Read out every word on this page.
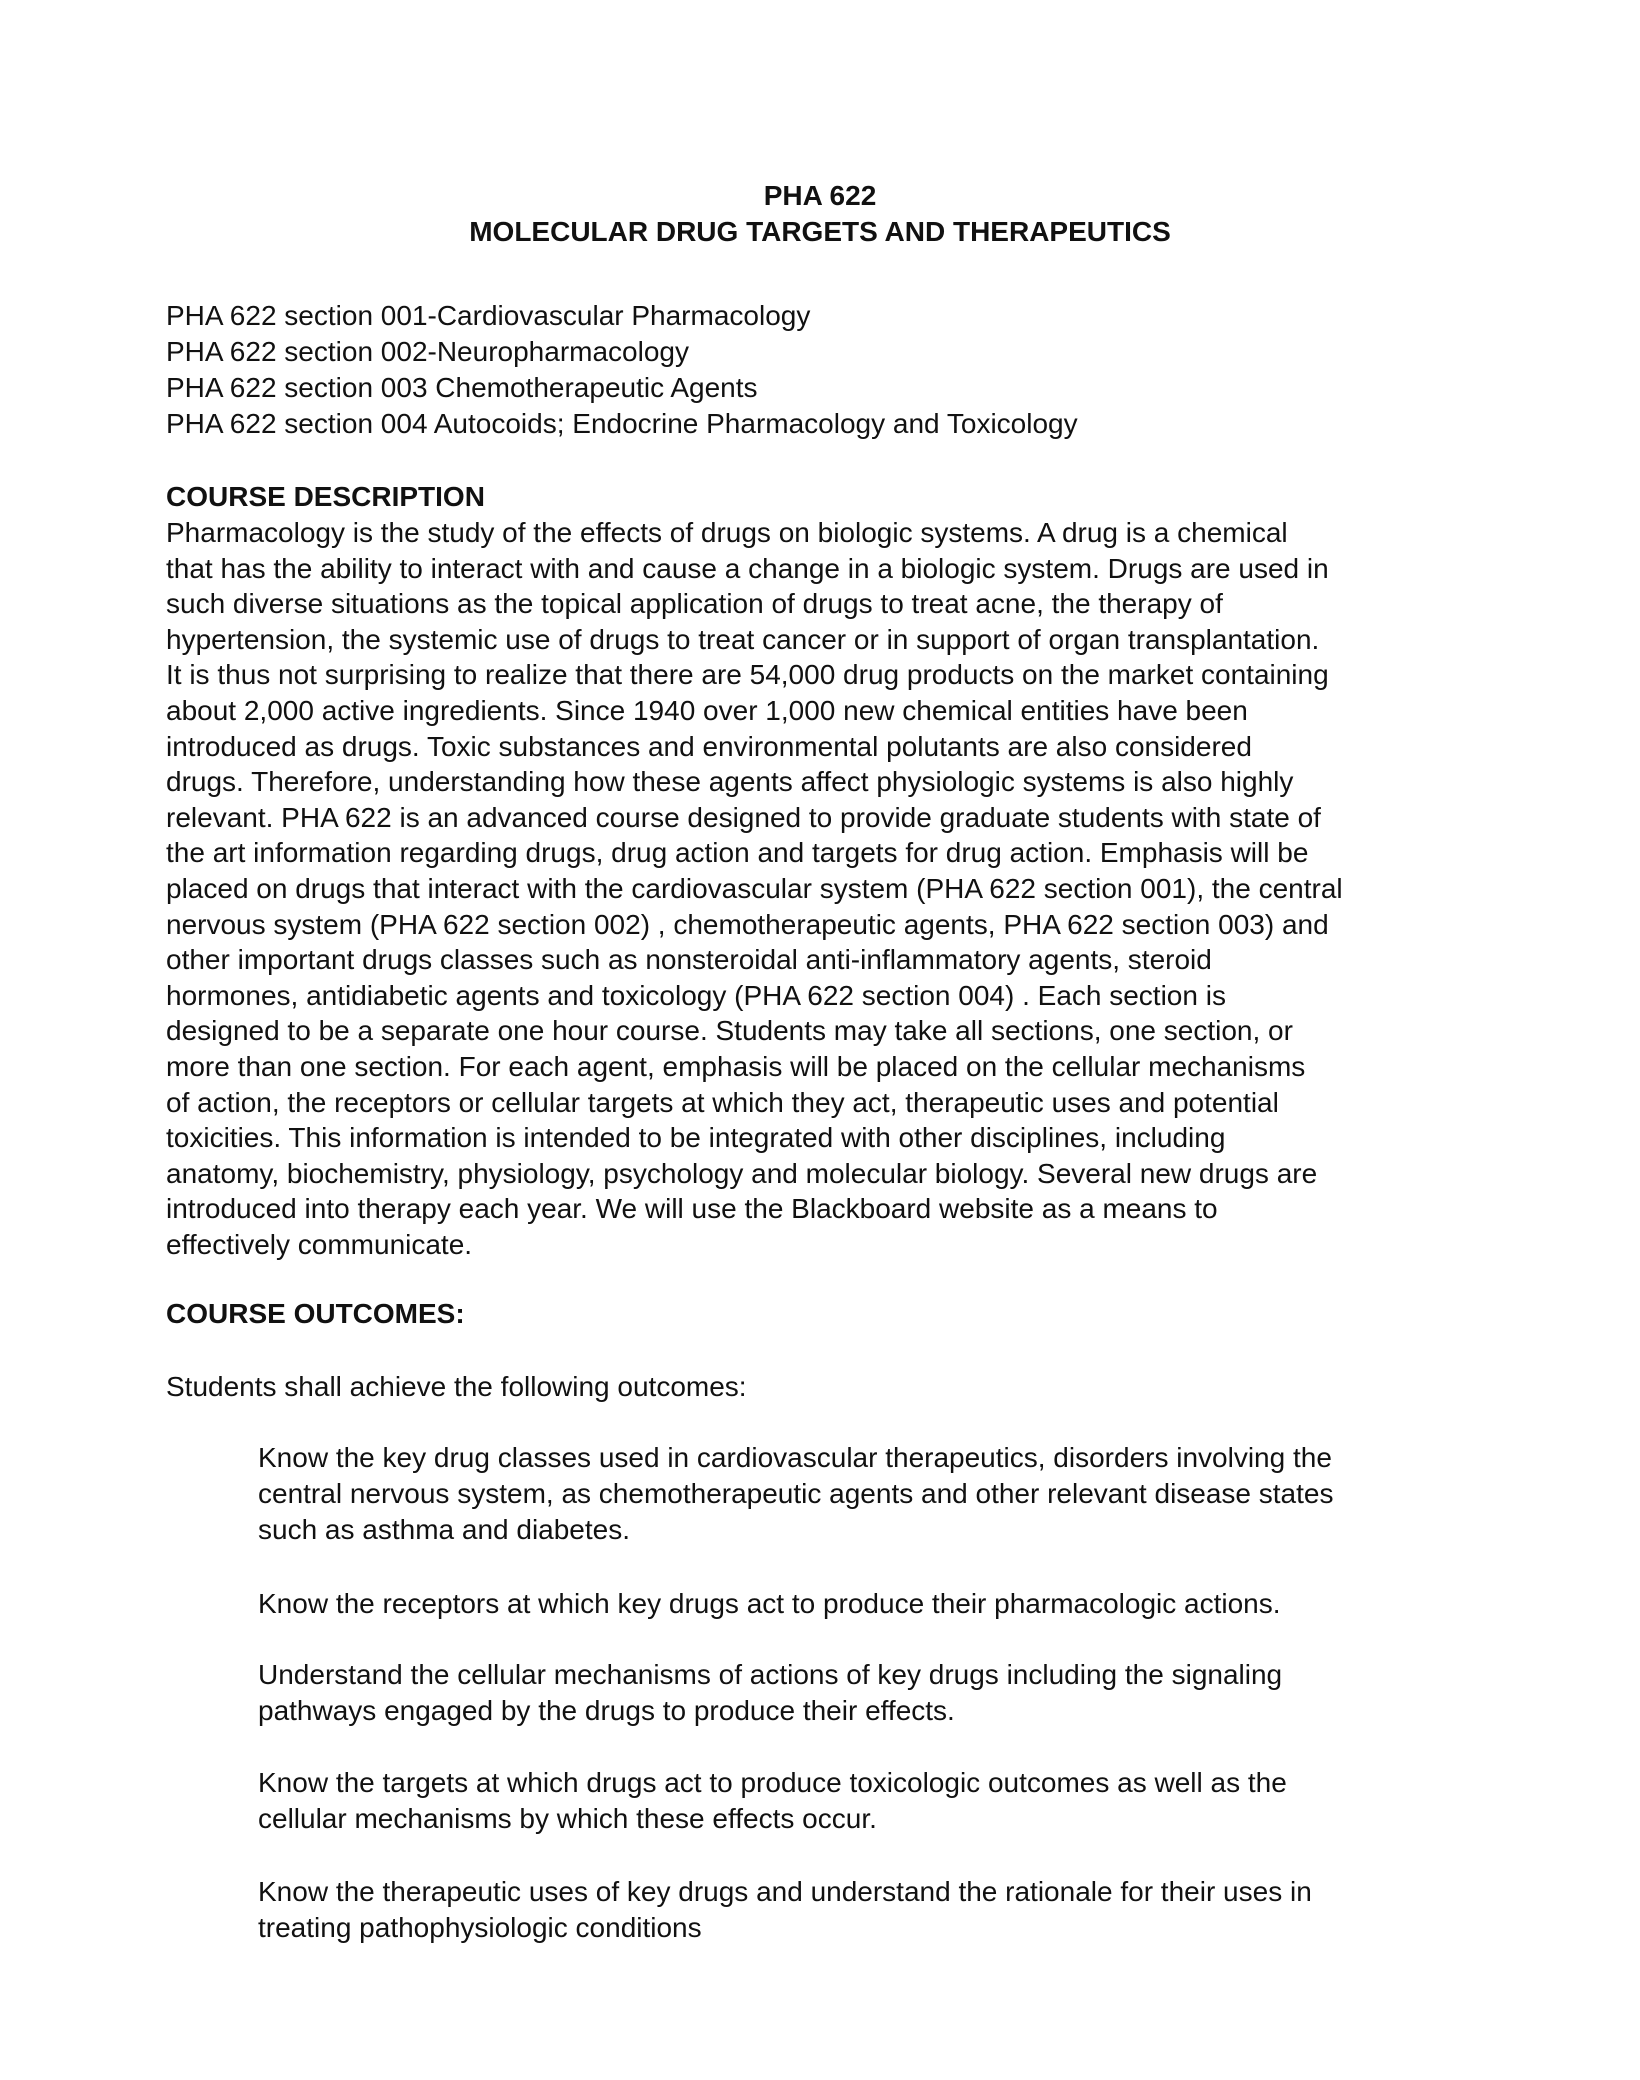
PHA 622
MOLECULAR DRUG TARGETS AND THERAPEUTICS
PHA 622 section 001-Cardiovascular Pharmacology
PHA 622 section 002-Neuropharmacology
PHA 622 section 003 Chemotherapeutic Agents
PHA 622 section 004 Autocoids; Endocrine Pharmacology and Toxicology
COURSE DESCRIPTION
Pharmacology is the study of the effects of drugs on biologic systems. A drug is a chemical
that has the ability to interact with and cause a change in a biologic system. Drugs are used in
such diverse situations as the topical application of drugs to treat acne, the therapy of
hypertension, the systemic use of drugs to treat cancer or in support of organ transplantation.
It is thus not surprising to realize that there are 54,000 drug products on the market containing
about 2,000 active ingredients. Since 1940 over 1,000 new chemical entities have been
introduced as drugs. Toxic substances and environmental polutants are also considered
drugs. Therefore, understanding how these agents affect physiologic systems is also highly
relevant. PHA 622 is an advanced course designed to provide graduate students with state of
the art information regarding drugs, drug action and targets for drug action. Emphasis will be
placed on drugs that interact with the cardiovascular system (PHA 622 section 001), the central
nervous system (PHA 622 section 002) , chemotherapeutic agents, PHA 622 section 003) and
other important drugs classes such as nonsteroidal anti-inflammatory agents, steroid
hormones, antidiabetic agents and toxicology (PHA 622 section 004) . Each section is
designed to be a separate one hour course. Students may take all sections, one section, or
more than one section. For each agent, emphasis will be placed on the cellular mechanisms
of action, the receptors or cellular targets at which they act, therapeutic uses and potential
toxicities. This information is intended to be integrated with other disciplines, including
anatomy, biochemistry, physiology, psychology and molecular biology. Several new drugs are
introduced into therapy each year. We will use the Blackboard website as a means to
effectively communicate.
COURSE OUTCOMES:
Students shall achieve the following outcomes:
Know the key drug classes used in cardiovascular therapeutics, disorders involving the
central nervous system, as chemotherapeutic agents and other relevant disease states
such as asthma and diabetes.
Know the receptors at which key drugs act to produce their pharmacologic actions.
Understand the cellular mechanisms of actions of key drugs including the signaling
pathways engaged by the drugs to produce their effects.
Know the targets at which drugs act to produce toxicologic outcomes as well as the
cellular mechanisms by which these effects occur.
Know the therapeutic uses of key drugs and understand the rationale for their uses in
treating pathophysiologic conditions
